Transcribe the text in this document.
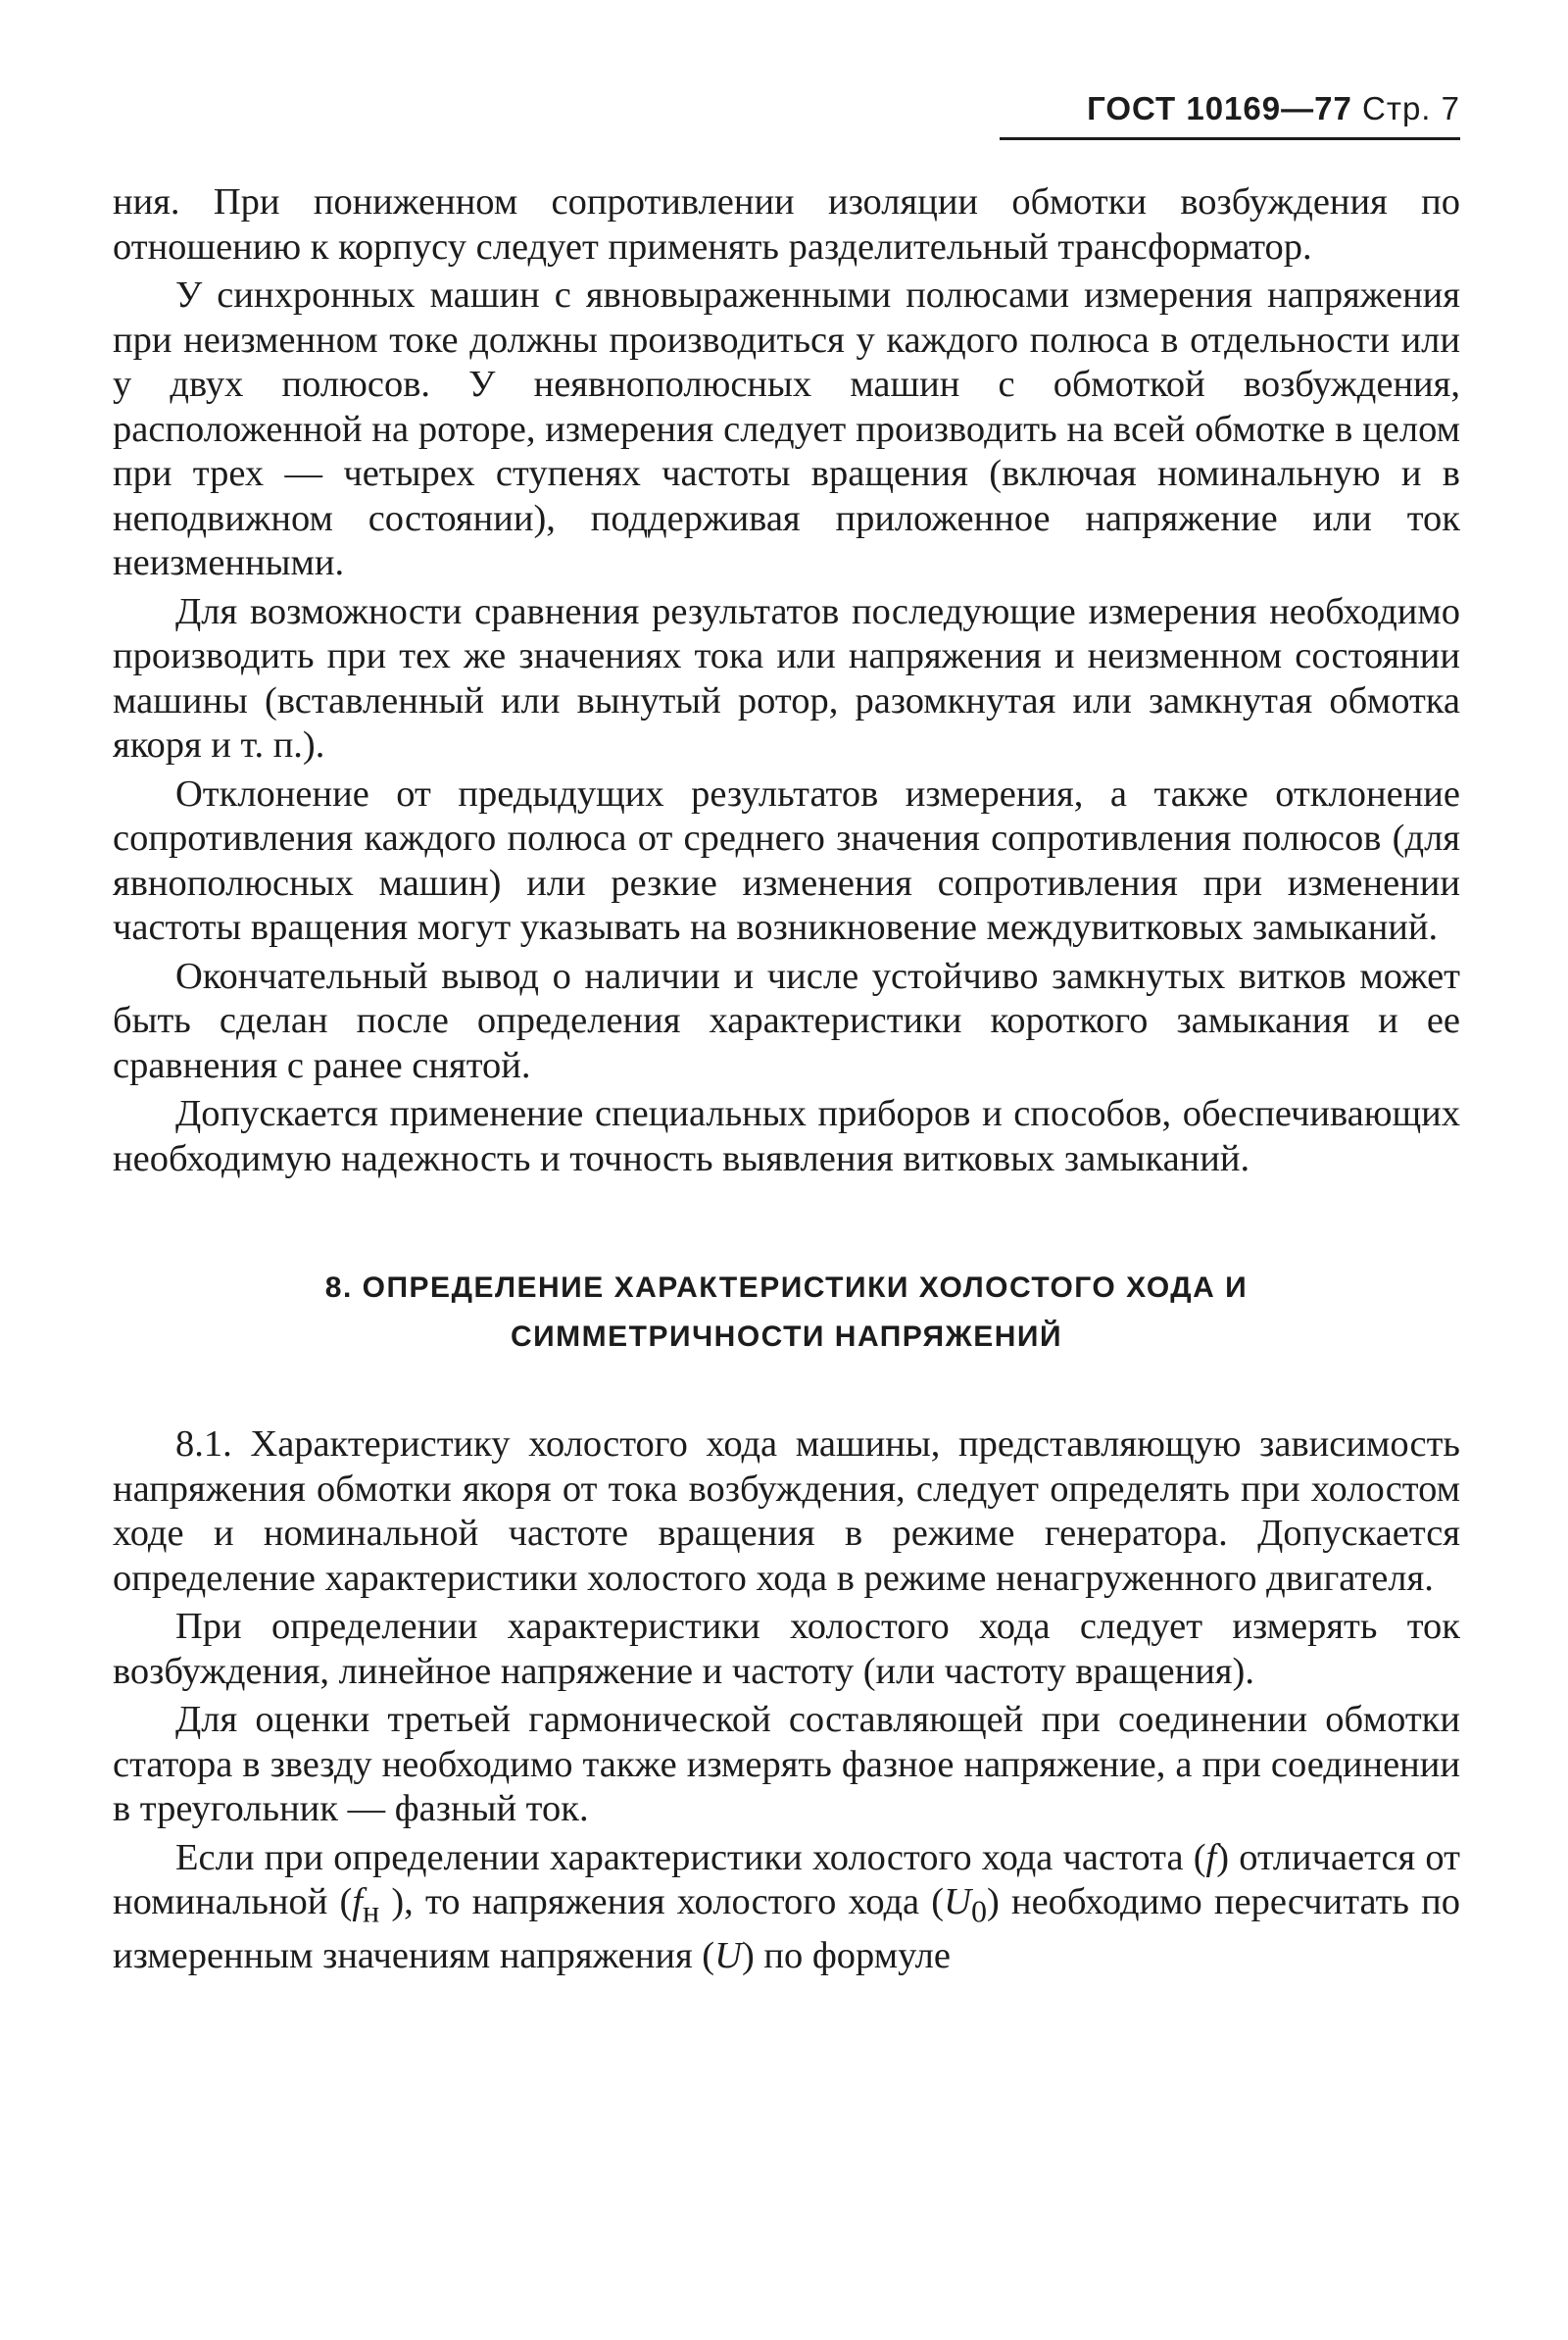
ГОСТ 10169—77 Стр. 7

ния. При пониженном сопротивлении изоляции обмотки возбуждения по отношению к корпусу следует применять разделительный трансформатор.

У синхронных машин с явновыраженными полюсами измерения напряжения при неизменном токе должны производиться у каждого полюса в отдельности или у двух полюсов. У неявнополюсных машин с обмоткой возбуждения, расположенной на роторе, измерения следует производить на всей обмотке в целом при трех — четырех ступенях частоты вращения (включая номинальную и в неподвижном состоянии), поддерживая приложенное напряжение или ток неизменными.

Для возможности сравнения результатов последующие измерения необходимо производить при тех же значениях тока или напряжения и неизменном состоянии машины (вставленный или вынутый ротор, разомкнутая или замкнутая обмотка якоря и т. п.).

Отклонение от предыдущих результатов измерения, а также отклонение сопротивления каждого полюса от среднего значения сопротивления полюсов (для явнополюсных машин) или резкие изменения сопротивления при изменении частоты вращения могут указывать на возникновение междувитковых замыканий.

Окончательный вывод о наличии и числе устойчиво замкнутых витков может быть сделан после определения характеристики короткого замыкания и ее сравнения с ранее снятой.

Допускается применение специальных приборов и способов, обеспечивающих необходимую надежность и точность выявления витковых замыканий.

8. ОПРЕДЕЛЕНИЕ ХАРАКТЕРИСТИКИ ХОЛОСТОГО ХОДА И
СИММЕТРИЧНОСТИ НАПРЯЖЕНИЙ

8.1. Характеристику холостого хода машины, представляющую зависимость напряжения обмотки якоря от тока возбуждения, следует определять при холостом ходе и номинальной частоте вращения в режиме генератора. Допускается определение характеристики холостого хода в режиме ненагруженного двигателя.

При определении характеристики холостого хода следует измерять ток возбуждения, линейное напряжение и частоту (или частоту вращения).

Для оценки третьей гармонической составляющей при соединении обмотки статора в звезду необходимо также измерять фазное напряжение, а при соединении в треугольник — фазный ток.

Если при определении характеристики холостого хода частота (f) отличается от номинальной ($f_н$ ), то напряжения холостого хода $(U_0)$ необходимо пересчитать по измеренным значениям напряжения (U) по формуле
